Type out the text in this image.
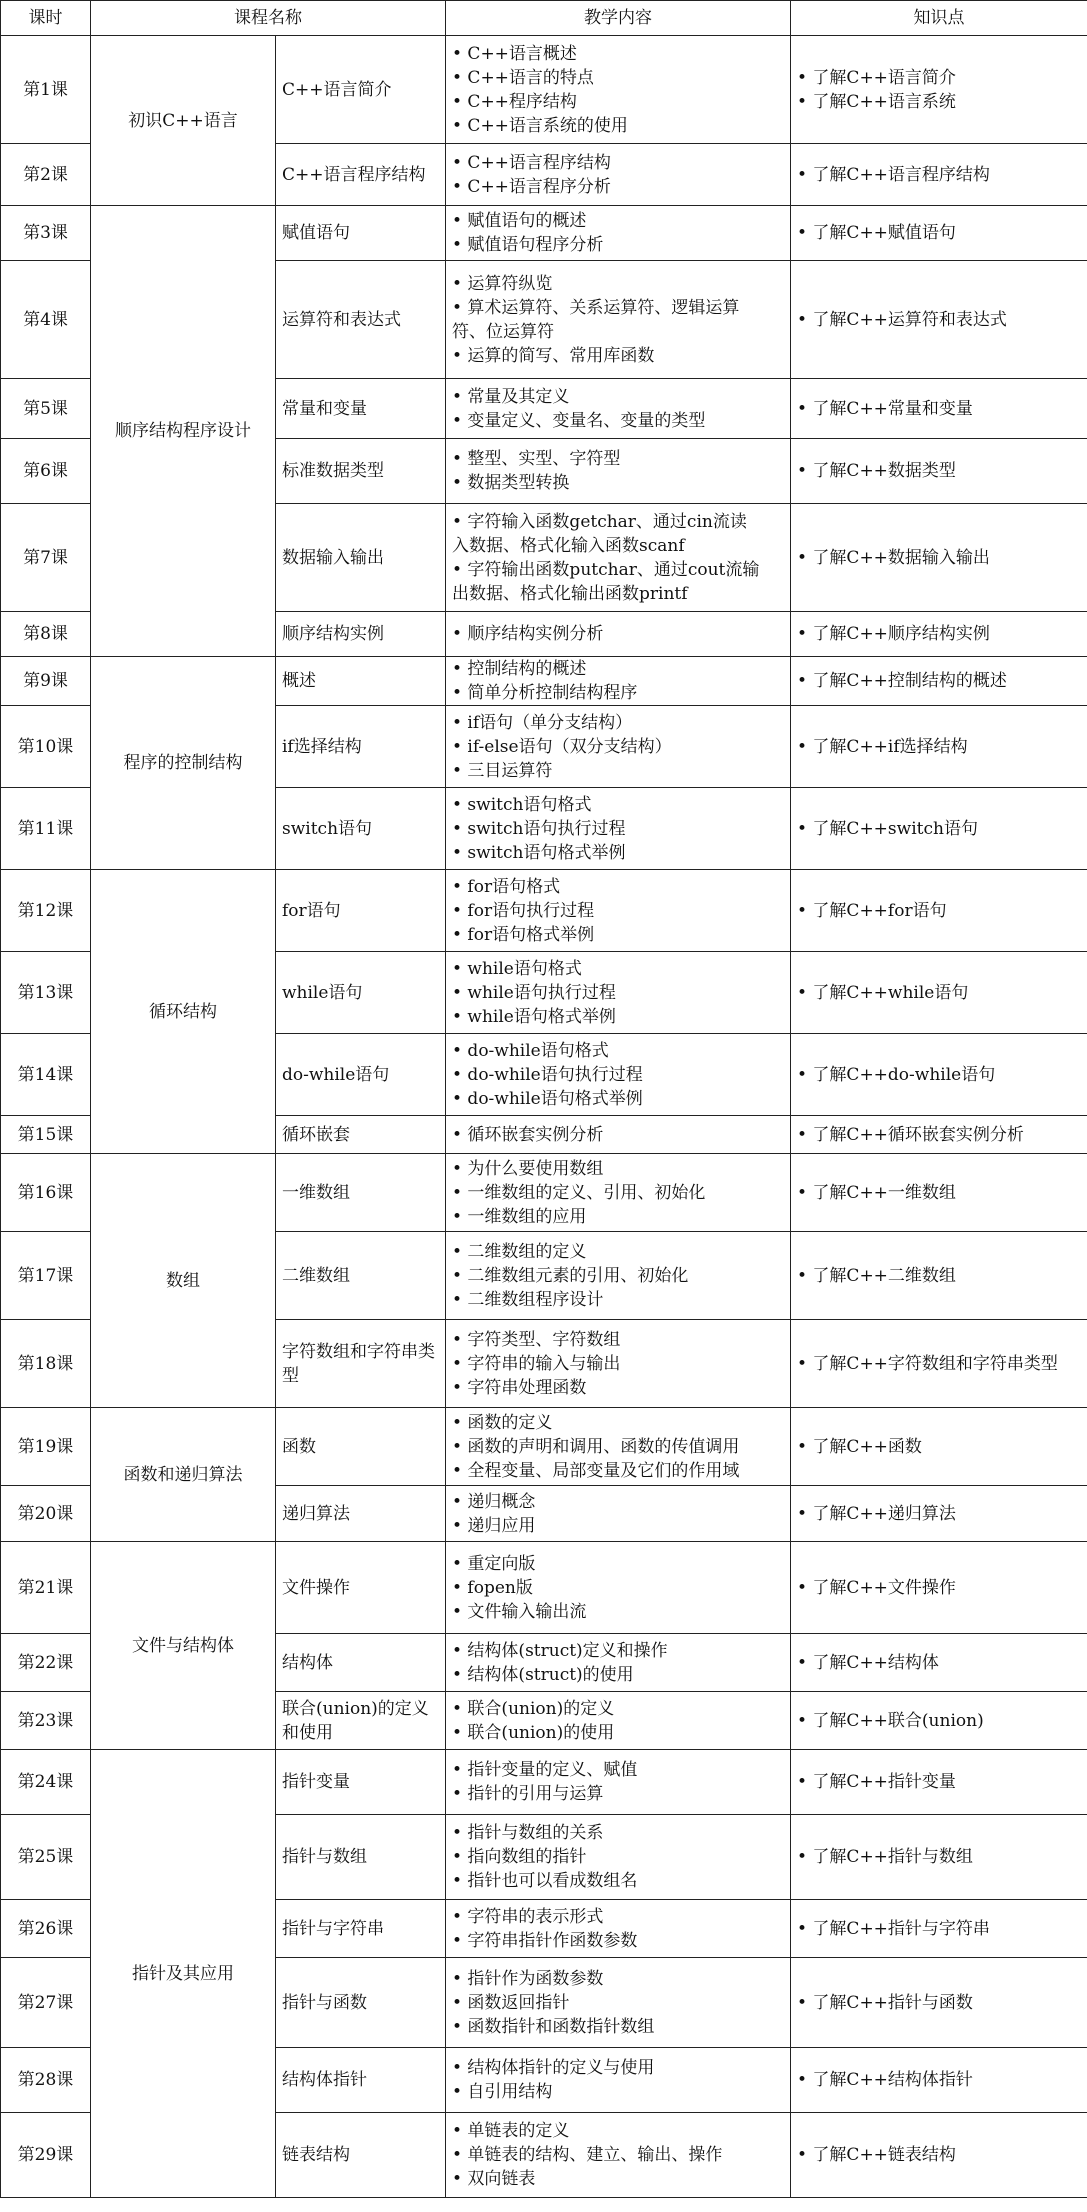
课时	课程名称		教学内容	知识点
第1课	初识C++语言	C++语言简介	• C++语言概述
• C++语言的特点
• C++程序结构
• C++语言系统的使用	• 了解C++语言简介
• 了解C++语言系统

第2课		C++语言程序结构	• C++语言程序结构
• C++语言程序分析	• 了解C++语言程序结构

第3课	顺序结构程序设计	赋值语句	• 赋值语句的概述
• 赋值语句程序分析	• 了解C++赋值语句

第4课		运算符和表达式	• 运算符纵览
• 算术运算符、关系运算符、逻辑运算
符、位运算符
• 运算的简写、常用库函数	• 了解C++运算符和表达式

第5课		常量和变量	• 常量及其定义
• 变量定义、变量名、变量的类型	• 了解C++常量和变量

第6课		标准数据类型	• 整型、实型、字符型
• 数据类型转换	• 了解C++数据类型

第7课		数据输入输出	• 字符输入函数getchar、通过cin流读
入数据、格式化输入函数scanf
• 字符输出函数putchar、通过cout流输
出数据、格式化输出函数printf	• 了解C++数据输入输出

第8课		顺序结构实例	• 顺序结构实例分析	• 了解C++顺序结构实例

第9课	程序的控制结构	概述	• 控制结构的概述
• 简单分析控制结构程序	• 了解C++控制结构的概述

第10课		if选择结构	• if语句（单分支结构）
• if-else语句（双分支结构）
• 三目运算符	• 了解C++if选择结构

第11课		switch语句	• switch语句格式
• switch语句执行过程
• switch语句格式举例	• 了解C++switch语句

第12课	循环结构	for语句	• for语句格式
• for语句执行过程
• for语句格式举例	• 了解C++for语句

第13课		while语句	• while语句格式
• while语句执行过程
• while语句格式举例	• 了解C++while语句

第14课		do-while语句	• do-while语句格式
• do-while语句执行过程
• do-while语句格式举例	• 了解C++do-while语句

第15课		循环嵌套	• 循环嵌套实例分析	• 了解C++循环嵌套实例分析

第16课	数组	一维数组	• 为什么要使用数组
• 一维数组的定义、引用、初始化
• 一维数组的应用	• 了解C++一维数组

第17课		二维数组	• 二维数组的定义
• 二维数组元素的引用、初始化
• 二维数组程序设计	• 了解C++二维数组

第18课		字符数组和字符串类型	• 字符类型、字符数组
• 字符串的输入与输出
• 字符串处理函数	• 了解C++字符数组和字符串类型

第19课	函数和递归算法	函数	• 函数的定义
• 函数的声明和调用、函数的传值调用
• 全程变量、局部变量及它们的作用域	• 了解C++函数

第20课		递归算法	• 递归概念
• 递归应用	• 了解C++递归算法

第21课	文件与结构体	文件操作	• 重定向版
• fopen版
• 文件输入输出流	• 了解C++文件操作

第22课		结构体	• 结构体(struct)定义和操作
• 结构体(struct)的使用	• 了解C++结构体

第23课		联合(union)的定义和使用	• 联合(union)的定义
• 联合(union)的使用	• 了解C++联合(union)

第24课	指针及其应用	指针变量	• 指针变量的定义、赋值
• 指针的引用与运算	• 了解C++指针变量

第25课		指针与数组	• 指针与数组的关系
• 指向数组的指针
• 指针也可以看成数组名	• 了解C++指针与数组

第26课		指针与字符串	• 字符串的表示形式
• 字符串指针作函数参数	• 了解C++指针与字符串

第27课		指针与函数	• 指针作为函数参数
• 函数返回指针
• 函数指针和函数指针数组	• 了解C++指针与函数

第28课		结构体指针	• 结构体指针的定义与使用
• 自引用结构	• 了解C++结构体指针

第29课		链表结构	• 单链表的定义
• 单链表的结构、建立、输出、操作
• 双向链表	• 了解C++链表结构
